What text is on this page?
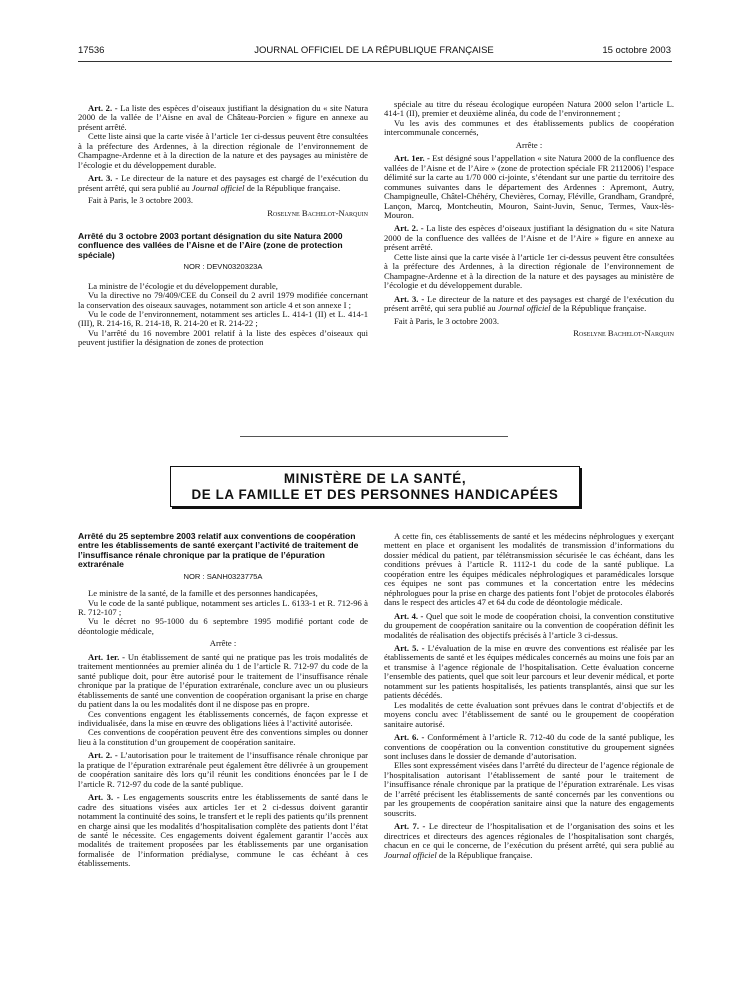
17536	JOURNAL OFFICIEL DE LA RÉPUBLIQUE FRANÇAISE	15 octobre 2003

Art. 2. - La liste des espèces d’oiseaux justifiant la désignation du « site Natura 2000 de la vallée de l’Aisne en aval de Château-Porcien » figure en annexe au présent arrêté.

Cette liste ainsi que la carte visée à l’article 1er ci-dessus peuvent être consultées à la préfecture des Ardennes, à la direction régionale de l’environnement de Champagne-Ardenne et à la direction de la nature et des paysages au ministère de l’écologie et du développement durable.

Art. 3. - Le directeur de la nature et des paysages est chargé de l’exécution du présent arrêté, qui sera publié au Journal officiel de la République française.

Fait à Paris, le 3 octobre 2003.

Roselyne Bachelot-Narquin

Arrêté du 3 octobre 2003 portant désignation du site Natura 2000 confluence des vallées de l’Aisne et de l’Aire (zone de protection spéciale)

NOR : DEVN0320323A

La ministre de l’écologie et du développement durable,

Vu la directive no 79/409/CEE du Conseil du 2 avril 1979 modifiée concernant la conservation des oiseaux sauvages, notamment son article 4 et son annexe I ;

Vu le code de l’environnement, notamment ses articles L. 414-1 (II) et L. 414-1 (III), R. 214-16, R. 214-18, R. 214-20 et R. 214-22 ;

Vu l’arrêté du 16 novembre 2001 relatif à la liste des espèces d’oiseaux qui peuvent justifier la désignation de zones de protection

spéciale au titre du réseau écologique européen Natura 2000 selon l’article L. 414-1 (II), premier et deuxième alinéa, du code de l’environnement ;

Vu les avis des communes et des établissements publics de coopération intercommunale concernés,

Arrête :

Art. 1er. - Est désigné sous l’appellation « site Natura 2000 de la confluence des vallées de l’Aisne et de l’Aire » (zone de protection spéciale FR 2112006) l’espace délimité sur la carte au 1/70 000 ci-jointe, s’étendant sur une partie du territoire des communes suivantes dans le département des Ardennes : Apremont, Autry, Champigneulle, Châtel-Chéhéry, Chevières, Cornay, Fléville, Grandham, Grandpré, Lançon, Marcq, Montcheutin, Mouron, Saint-Juvin, Senuc, Termes, Vaux-lès-Mouron.

Art. 2. - La liste des espèces d’oiseaux justifiant la désignation du « site Natura 2000 de la confluence des vallées de l’Aisne et de l’Aire » figure en annexe au présent arrêté.

Cette liste ainsi que la carte visée à l’article 1er ci-dessus peuvent être consultées à la préfecture des Ardennes, à la direction régionale de l’environnement de Champagne-Ardenne et à la direction de la nature et des paysages au ministère de l’écologie et du développement durable.

Art. 3. - Le directeur de la nature et des paysages est chargé de l’exécution du présent arrêté, qui sera publié au Journal officiel de la République française.

Fait à Paris, le 3 octobre 2003.

Roselyne Bachelot-Narquin

MINISTÈRE DE LA SANTÉ,
DE LA FAMILLE ET DES PERSONNES HANDICAPÉES

Arrêté du 25 septembre 2003 relatif aux conventions de coopération entre les établissements de santé exerçant l’activité de traitement de l’insuffisance rénale chronique par la pratique de l’épuration extrarénale

NOR : SANH0323775A

Le ministre de la santé, de la famille et des personnes handicapées,

Vu le code de la santé publique, notamment ses articles L. 6133-1 et R. 712-96 à R. 712-107 ;

Vu le décret no 95-1000 du 6 septembre 1995 modifié portant code de déontologie médicale,

Arrête :

Art. 1er. - Un établissement de santé qui ne pratique pas les trois modalités de traitement mentionnées au premier alinéa du 1 de l’article R. 712-97 du code de la santé publique doit, pour être autorisé pour le traitement de l’insuffisance rénale chronique par la pratique de l’épuration extrarénale, conclure avec un ou plusieurs établissements de santé une convention de coopération organisant la prise en charge du patient dans la ou les modalités dont il ne dispose pas en propre.

Ces conventions engagent les établissements concernés, de façon expresse et individualisée, dans la mise en œuvre des obligations liées à l’activité autorisée.

Ces conventions de coopération peuvent être des conventions simples ou donner lieu à la constitution d’un groupement de coopération sanitaire.

Art. 2. - L’autorisation pour le traitement de l’insuffisance rénale chronique par la pratique de l’épuration extrarénale peut également être délivrée à un groupement de coopération sanitaire dès lors qu’il réunit les conditions énoncées par le I de l’article R. 712-97 du code de la santé publique.

Art. 3. - Les engagements souscrits entre les établissements de santé dans le cadre des situations visées aux articles 1er et 2 ci-dessus doivent garantir notamment la continuité des soins, le transfert et le repli des patients qu’ils prennent en charge ainsi que les modalités d’hospitalisation complète des patients dont l’état de santé le nécessite. Ces engagements doivent également garantir l’accès aux modalités de traitement proposées par les établissements par une organisation formalisée de l’information prédialyse, commune le cas échéant à ces établissements.

A cette fin, ces établissements de santé et les médecins néphrologues y exerçant mettent en place et organisent les modalités de transmission d’informations du dossier médical du patient, par télétransmission sécurisée le cas échéant, dans les conditions prévues à l’article R. 1112-1 du code de la santé publique. La coopération entre les équipes médicales néphrologiques et paramédicales lorsque ces équipes ne sont pas communes et la concertation entre les médecins néphrologues pour la prise en charge des patients font l’objet de protocoles élaborés dans le respect des articles 47 et 64 du code de déontologie médicale.

Art. 4. - Quel que soit le mode de coopération choisi, la convention constitutive du groupement de coopération sanitaire ou la convention de coopération définit les modalités de réalisation des objectifs précisés à l’article 3 ci-dessus.

Art. 5. - L’évaluation de la mise en œuvre des conventions est réalisée par les établissements de santé et les équipes médicales concernés au moins une fois par an et transmise à l’agence régionale de l’hospitalisation. Cette évaluation concerne l’ensemble des patients, quel que soit leur parcours et leur devenir médical, et porte notamment sur les patients hospitalisés, les patients transplantés, ainsi que sur les patients décédés.

Les modalités de cette évaluation sont prévues dans le contrat d’objectifs et de moyens conclu avec l’établissement de santé ou le groupement de coopération sanitaire autorisé.

Art. 6. - Conformément à l’article R. 712-40 du code de la santé publique, les conventions de coopération ou la convention constitutive du groupement signées sont incluses dans le dossier de demande d’autorisation.

Elles sont expressément visées dans l’arrêté du directeur de l’agence régionale de l’hospitalisation autorisant l’établissement de santé pour le traitement de l’insuffisance rénale chronique par la pratique de l’épuration extrarénale. Les visas de l’arrêté précisent les établissements de santé concernés par les conventions ou par les groupements de coopération sanitaire ainsi que la nature des engagements souscrits.

Art. 7. - Le directeur de l’hospitalisation et de l’organisation des soins et les directrices et directeurs des agences régionales de l’hospitalisation sont chargés, chacun en ce qui le concerne, de l’exécution du présent arrêté, qui sera publié au Journal officiel de la République française.
